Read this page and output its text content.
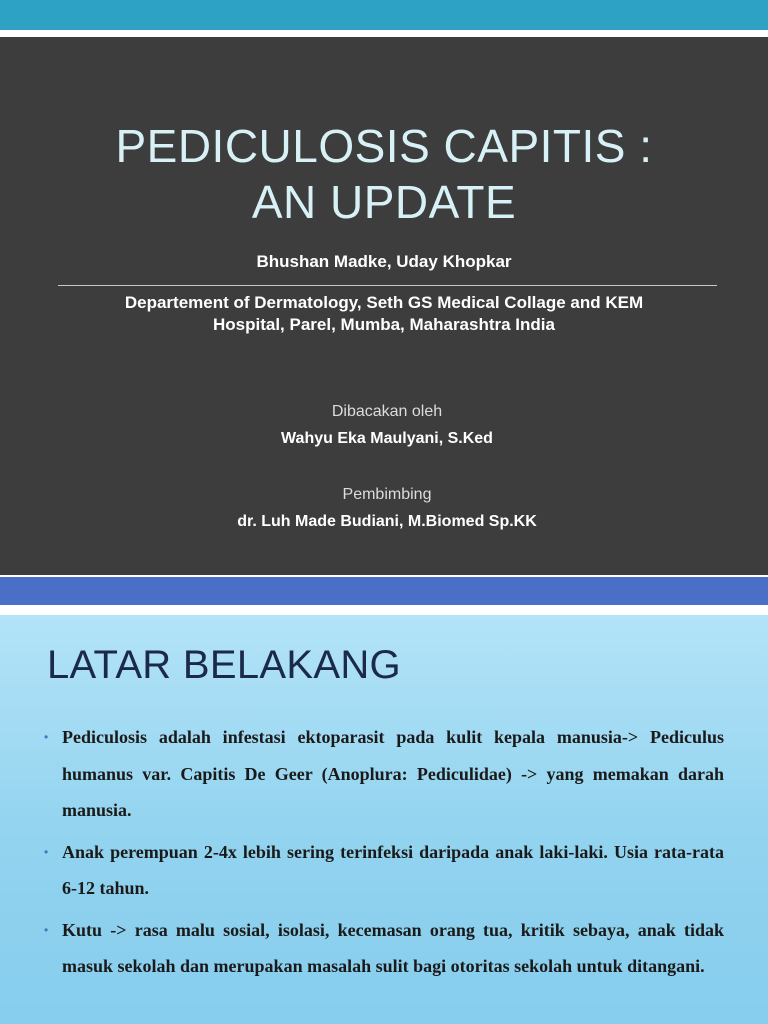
PEDICULOSIS CAPITIS :
AN UPDATE
Bhushan Madke, Uday Khopkar
Departement of Dermatology, Seth GS Medical Collage and KEM
Hospital, Parel, Mumba, Maharashtra India
Dibacakan oleh
Wahyu Eka Maulyani, S.Ked
Pembimbing
dr. Luh Made Budiani, M.Biomed Sp.KK
LATAR BELAKANG
• Pediculosis adalah infestasi ektoparasit pada kulit kepala manusia-> Pediculus humanus var. Capitis De Geer (Anoplura: Pediculidae) -> yang memakan darah manusia.
• Anak perempuan 2-4x lebih sering terinfeksi daripada anak laki-laki. Usia rata-rata 6-12 tahun.
• Kutu -> rasa malu sosial, isolasi, kecemasan orang tua, kritik sebaya, anak tidak masuk sekolah dan merupakan masalah sulit bagi otoritas sekolah untuk ditangani.
